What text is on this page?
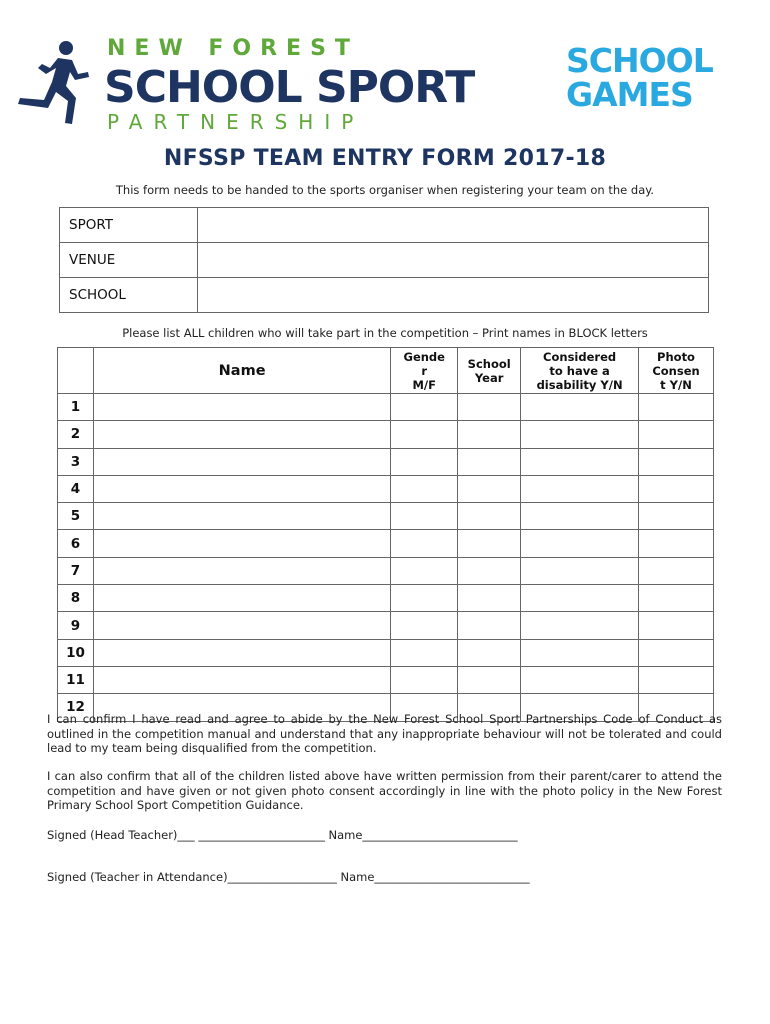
NEW FOREST
SCHOOL SPORT
PARTNERSHIP
SCHOOL
GAMES
NFSSP TEAM ENTRY FORM 2017-18
This form needs to be handed to the sports organiser when registering your team on the day.
SPORT	
VENUE	
SCHOOL	
Please list ALL children who will take part in the competition – Print names in BLOCK letters
	Name	Gende
r
M/F	School
Year	Considered
to have a
disability Y/N	Photo
Consen
t Y/N
1					
2					
3					
4					
5					
6					
7					
8					
9					
10					
11					
12					
I can confirm I have read and agree to abide by the New Forest School Sport Partnerships Code of Conduct as outlined in the competition manual and understand that any inappropriate behaviour will not be tolerated and could lead to my team being disqualified from the competition.
I can also confirm that all of the children listed above have written permission from their parent/carer to attend the competition and have given or not given photo consent accordingly in line with the photo policy in the New Forest Primary School Sport Competition Guidance.
Signed (Head Teacher)___ ______________________ Name___________________________
Signed (Teacher in Attendance)___________________ Name___________________________
